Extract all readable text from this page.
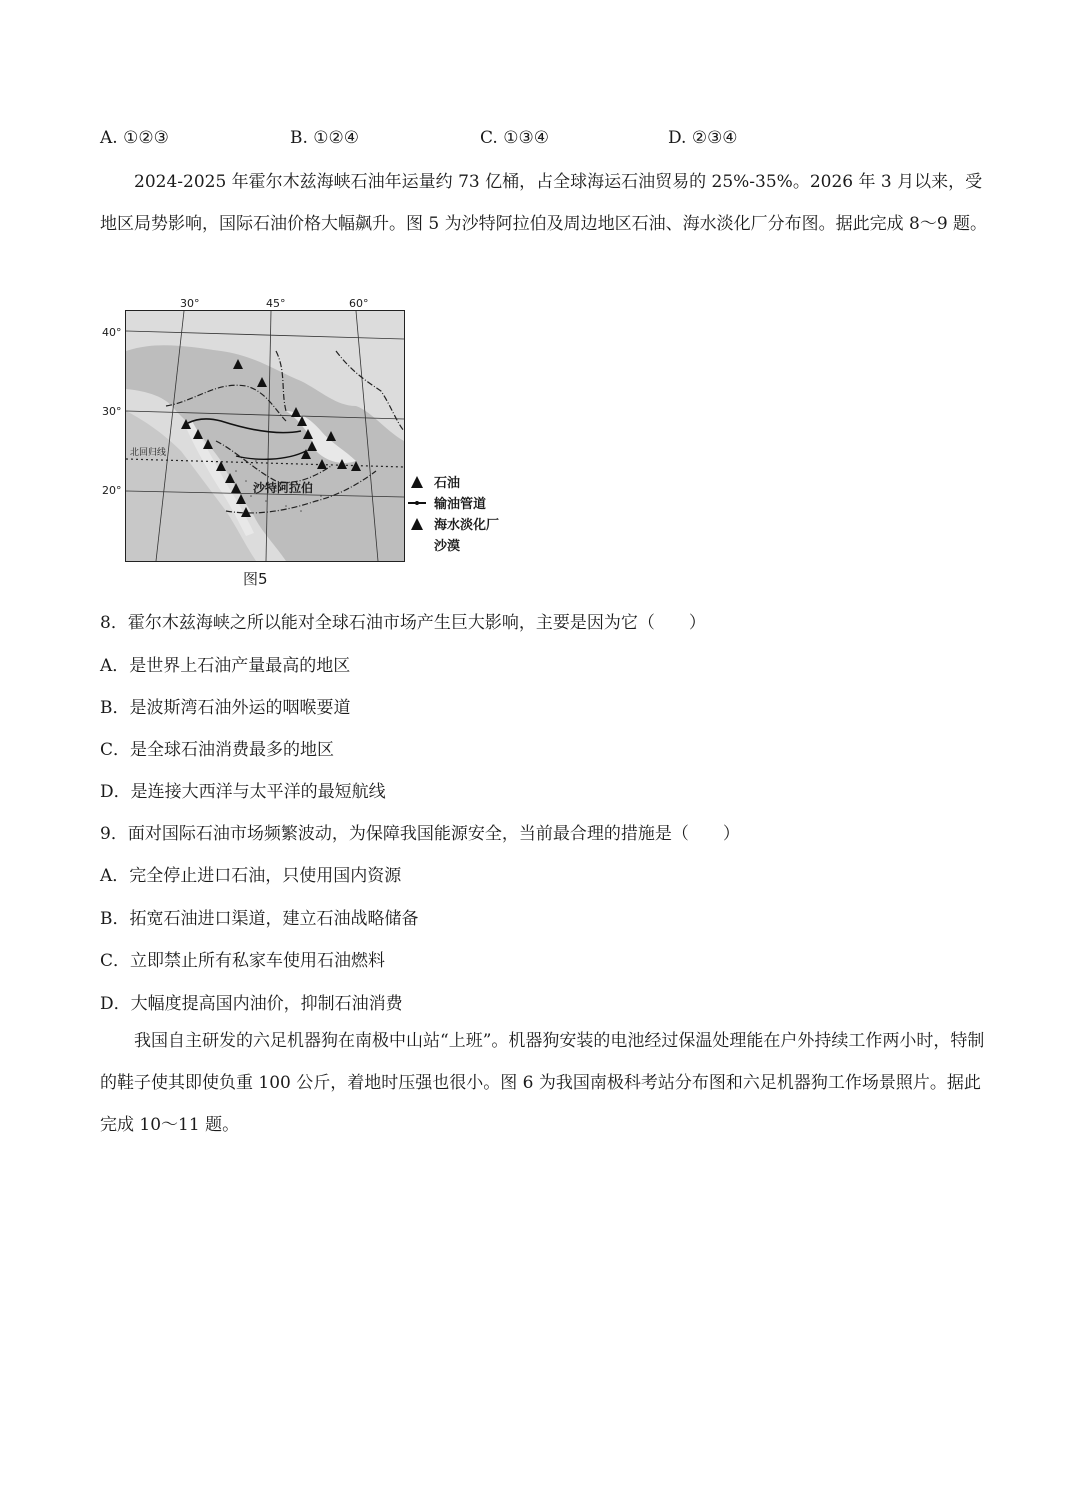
A. ①②③	B. ①②④	C. ①③④	D. ②③④
2024-2025 年霍尔木兹海峡石油年运量约 73 亿桶，占全球海运石油贸易的 25%-35%。2026 年 3 月以来，受地区局势影响，国际石油价格大幅飙升。图 5 为沙特阿拉伯及周边地区石油、海水淡化厂分布图。据此完成 8～9 题。
30°	45°	60°
40°
30°
20°
北回归线
沙特阿拉伯	石油
输油管道
海水淡化厂
沙漠
图5
8．霍尔木兹海峡之所以能对全球石油市场产生巨大影响，主要是因为它（　　）
A．是世界上石油产量最高的地区
B．是波斯湾石油外运的咽喉要道
C．是全球石油消费最多的地区
D．是连接大西洋与太平洋的最短航线
9．面对国际石油市场频繁波动，为保障我国能源安全，当前最合理的措施是（　　）
A．完全停止进口石油，只使用国内资源
B．拓宽石油进口渠道，建立石油战略储备
C．立即禁止所有私家车使用石油燃料
D．大幅度提高国内油价，抑制石油消费
我国自主研发的六足机器狗在南极中山站“上班”。机器狗安装的电池经过保温处理能在户外持续工作两小时，特制的鞋子使其即使负重 100 公斤，着地时压强也很小。图 6 为我国南极科考站分布图和六足机器狗工作场景照片。据此完成 10～11 题。
